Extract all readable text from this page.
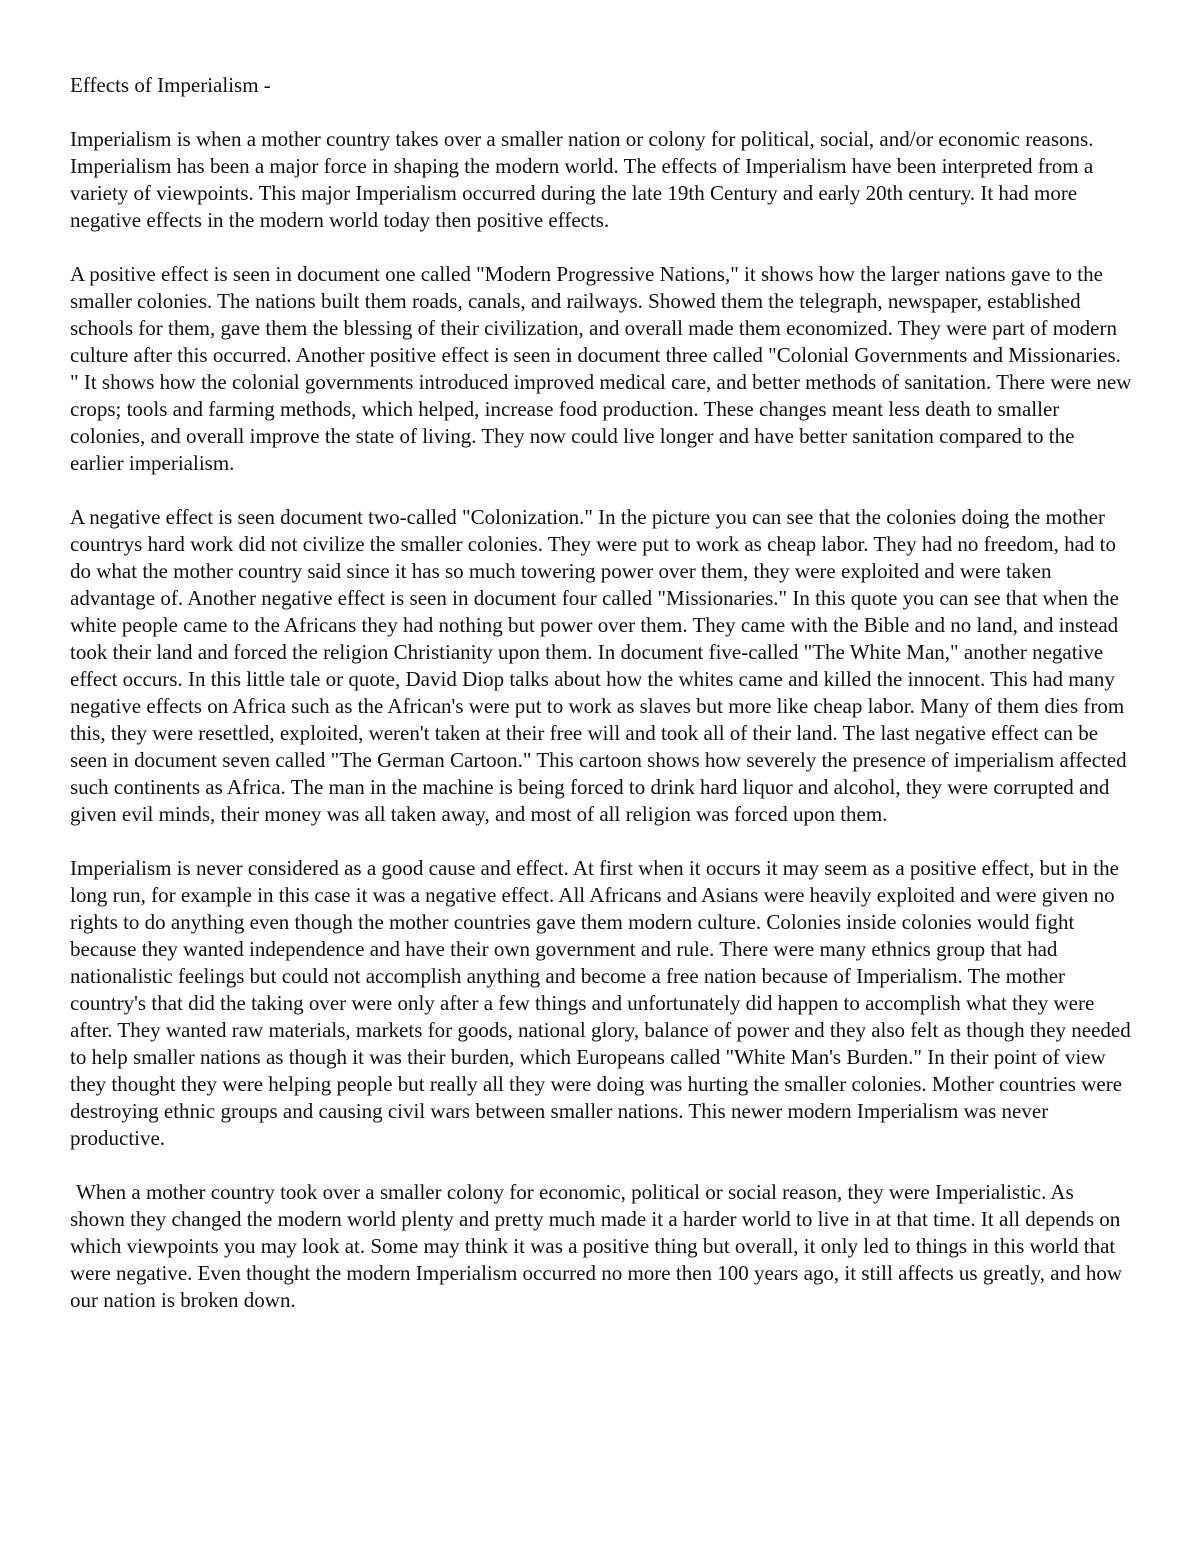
Effects of Imperialism -

Imperialism is when a mother country takes over a smaller nation or colony for political, social, and/or economic reasons. Imperialism has been a major force in shaping the modern world. The effects of Imperialism have been interpreted from a variety of viewpoints. This major Imperialism occurred during the late 19th Century and early 20th century. It had more negative effects in the modern world today then positive effects.

A positive effect is seen in document one called "Modern Progressive Nations," it shows how the larger nations gave to the smaller colonies. The nations built them roads, canals, and railways. Showed them the telegraph, newspaper, established schools for them, gave them the blessing of their civilization, and overall made them economized. They were part of modern culture after this occurred. Another positive effect is seen in document three called "Colonial Governments and Missionaries. " It shows how the colonial governments introduced improved medical care, and better methods of sanitation. There were new crops; tools and farming methods, which helped, increase food production. These changes meant less death to smaller colonies, and overall improve the state of living. They now could live longer and have better sanitation compared to the earlier imperialism.

A negative effect is seen document two-called "Colonization." In the picture you can see that the colonies doing the mother countrys hard work did not civilize the smaller colonies. They were put to work as cheap labor. They had no freedom, had to do what the mother country said since it has so much towering power over them, they were exploited and were taken advantage of. Another negative effect is seen in document four called "Missionaries." In this quote you can see that when the white people came to the Africans they had nothing but power over them. They came with the Bible and no land, and instead took their land and forced the religion Christianity upon them. In document five-called "The White Man," another negative effect occurs. In this little tale or quote, David Diop talks about how the whites came and killed the innocent. This had many negative effects on Africa such as the African's were put to work as slaves but more like cheap labor. Many of them dies from this, they were resettled, exploited, weren't taken at their free will and took all of their land. The last negative effect can be seen in document seven called "The German Cartoon." This cartoon shows how severely the presence of imperialism affected such continents as Africa. The man in the machine is being forced to drink hard liquor and alcohol, they were corrupted and given evil minds, their money was all taken away, and most of all religion was forced upon them.

Imperialism is never considered as a good cause and effect. At first when it occurs it may seem as a positive effect, but in the long run, for example in this case it was a negative effect. All Africans and Asians were heavily exploited and were given no rights to do anything even though the mother countries gave them modern culture. Colonies inside colonies would fight because they wanted independence and have their own government and rule. There were many ethnics group that had nationalistic feelings but could not accomplish anything and become a free nation because of Imperialism. The mother country's that did the taking over were only after a few things and unfortunately did happen to accomplish what they were after. They wanted raw materials, markets for goods, national glory, balance of power and they also felt as though they needed to help smaller nations as though it was their burden, which Europeans called "White Man's Burden." In their point of view they thought they were helping people but really all they were doing was hurting the smaller colonies. Mother countries were destroying ethnic groups and causing civil wars between smaller nations. This newer modern Imperialism was never productive.

When a mother country took over a smaller colony for economic, political or social reason, they were Imperialistic. As shown they changed the modern world plenty and pretty much made it a harder world to live in at that time. It all depends on which viewpoints you may look at. Some may think it was a positive thing but overall, it only led to things in this world that were negative. Even thought the modern Imperialism occurred no more then 100 years ago, it still affects us greatly, and how our nation is broken down.
